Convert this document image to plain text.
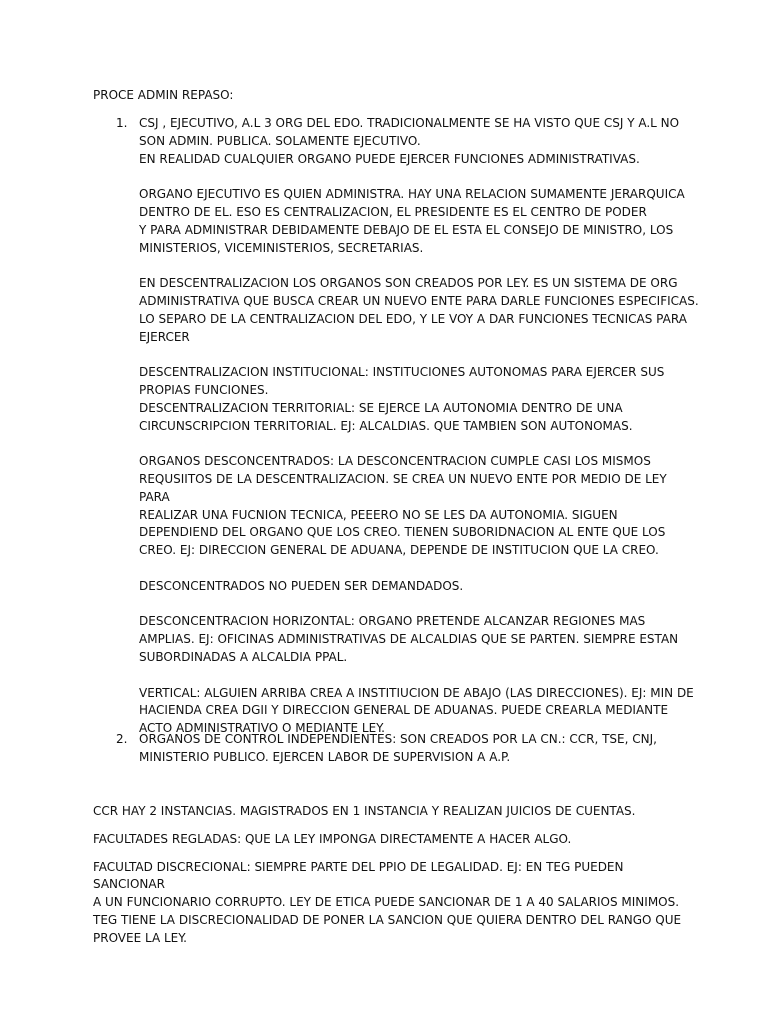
PROCE ADMIN REPASO:
1. CSJ , EJECUTIVO, A.L 3 ORG DEL EDO. TRADICIONALMENTE SE HA VISTO QUE CSJ Y A.L NO
SON ADMIN. PUBLICA. SOLAMENTE EJECUTIVO.
EN REALIDAD CUALQUIER ORGANO PUEDE EJERCER FUNCIONES ADMINISTRATIVAS.

ORGANO EJECUTIVO ES QUIEN ADMINISTRA. HAY UNA RELACION SUMAMENTE JERARQUICA
DENTRO DE EL. ESO ES CENTRALIZACION, EL PRESIDENTE ES EL CENTRO DE PODER
Y PARA ADMINISTRAR DEBIDAMENTE DEBAJO DE EL ESTA EL CONSEJO DE MINISTRO, LOS
MINISTERIOS, VICEMINISTERIOS, SECRETARIAS.

EN DESCENTRALIZACION LOS ORGANOS SON CREADOS POR LEY. ES UN SISTEMA DE ORG
ADMINISTRATIVA QUE BUSCA CREAR UN NUEVO ENTE PARA DARLE FUNCIONES ESPECIFICAS.
LO SEPARO DE LA CENTRALIZACION DEL EDO, Y LE VOY A DAR FUNCIONES TECNICAS PARA
EJERCER

DESCENTRALIZACION INSTITUCIONAL: INSTITUCIONES AUTONOMAS PARA EJERCER SUS
PROPIAS FUNCIONES.
DESCENTRALIZACION TERRITORIAL: SE EJERCE LA AUTONOMIA DENTRO DE UNA
CIRCUNSCRIPCION TERRITORIAL. EJ: ALCALDIAS. QUE TAMBIEN SON AUTONOMAS.

ORGANOS DESCONCENTRADOS: LA DESCONCENTRACION CUMPLE CASI LOS MISMOS
REQUSIITOS DE LA DESCENTRALIZACION. SE CREA UN NUEVO ENTE POR MEDIO DE LEY PARA
REALIZAR UNA FUCNION TECNICA, PEEERO NO SE LES DA AUTONOMIA. SIGUEN
DEPENDIEND DEL ORGANO QUE LOS CREO. TIENEN SUBORIDNACION AL ENTE QUE LOS
CREO. EJ: DIRECCION GENERAL DE ADUANA, DEPENDE DE INSTITUCION QUE LA CREO.

DESCONCENTRADOS NO PUEDEN SER DEMANDADOS.

DESCONCENTRACION HORIZONTAL: ORGANO PRETENDE ALCANZAR REGIONES MAS
AMPLIAS. EJ: OFICINAS ADMINISTRATIVAS DE ALCALDIAS QUE SE PARTEN. SIEMPRE ESTAN
SUBORDINADAS A ALCALDIA PPAL.

VERTICAL: ALGUIEN ARRIBA CREA A INSTITIUCION DE ABAJO (LAS DIRECCIONES). EJ: MIN DE
HACIENDA CREA DGII Y DIRECCION GENERAL DE ADUANAS. PUEDE CREARLA MEDIANTE
ACTO ADMINISTRATIVO O MEDIANTE LEY.

2. ORGANOS DE CONTROL INDEPENDIENTES: SON CREADOS POR LA CN.: CCR, TSE, CNJ,
MINISTERIO PUBLICO. EJERCEN LABOR DE SUPERVISION A A.P.

CCR HAY 2 INSTANCIAS. MAGISTRADOS EN 1 INSTANCIA Y REALIZAN JUICIOS DE CUENTAS.

FACULTADES REGLADAS: QUE LA LEY IMPONGA DIRECTAMENTE A HACER ALGO.

FACULTAD DISCRECIONAL: SIEMPRE PARTE DEL PPIO DE LEGALIDAD. EJ: EN TEG PUEDEN SANCIONAR
A UN FUNCIONARIO CORRUPTO. LEY DE ETICA PUEDE SANCIONAR DE 1 A 40 SALARIOS MINIMOS.
TEG TIENE LA DISCRECIONALIDAD DE PONER LA SANCION QUE QUIERA DENTRO DEL RANGO QUE
PROVEE LA LEY.
